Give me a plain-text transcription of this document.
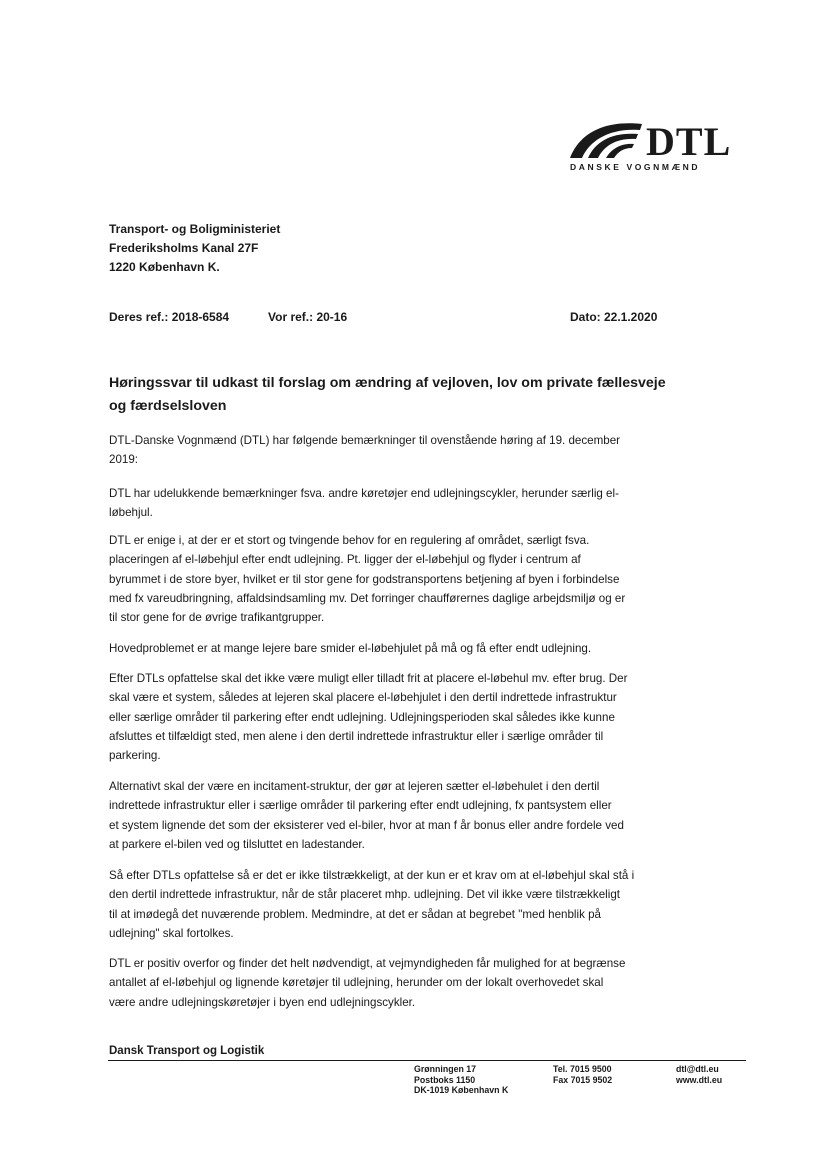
DTL
DANSKE VOGNMÆND
Transport- og Boligministeriet
Frederiksholms Kanal 27F
1220 København K.
Deres ref.: 2018-6584	Vor ref.: 20-16	Dato: 22.1.2020
Høringssvar til udkast til forslag om ændring af vejloven, lov om private fællesveje
og færdselsloven
DTL-Danske Vognmænd (DTL) har følgende bemærkninger til ovenstående høring af 19. december
2019:
DTL har udelukkende bemærkninger fsva. andre køretøjer end udlejningscykler, herunder særlig el-
løbehjul.
DTL er enige i, at der er et stort og tvingende behov for en regulering af området, særligt fsva.
placeringen af el-løbehjul efter endt udlejning. Pt. ligger der el-løbehjul og flyder i centrum af
byrummet i de store byer, hvilket er til stor gene for godstransportens betjening af byen i forbindelse
med fx vareudbringning, affaldsindsamling mv. Det forringer chaufførernes daglige arbejdsmiljø og er
til stor gene for de øvrige trafikantgrupper.
Hovedproblemet er at mange lejere bare smider el-løbehjulet på må og få efter endt udlejning.
Efter DTLs opfattelse skal det ikke være muligt eller tilladt frit at placere el-løbehul mv. efter brug. Der
skal være et system, således at lejeren skal placere el-løbehjulet i den dertil indrettede infrastruktur
eller særlige områder til parkering efter endt udlejning. Udlejningsperioden skal således ikke kunne
afsluttes et tilfældigt sted, men alene i den dertil indrettede infrastruktur eller i særlige områder til
parkering.
Alternativt skal der være en incitament-struktur, der gør at lejeren sætter el-løbehulet i den dertil
indrettede infrastruktur eller i særlige områder til parkering efter endt udlejning, fx pantsystem eller
et system lignende det som der eksisterer ved el-biler, hvor at man f år bonus eller andre fordele ved
at parkere el-bilen ved og tilsluttet en ladestander.
Så efter DTLs opfattelse så er det er ikke tilstrækkeligt, at der kun er et krav om at el-løbehjul skal stå i
den dertil indrettede infrastruktur, når de står placeret mhp. udlejning. Det vil ikke være tilstrækkeligt
til at imødegå det nuværende problem. Medmindre, at det er sådan at begrebet "med henblik på
udlejning" skal fortolkes.
DTL er positiv overfor og finder det helt nødvendigt, at vejmyndigheden får mulighed for at begrænse
antallet af el-løbehjul og lignende køretøjer til udlejning, herunder om der lokalt overhovedet skal
være andre udlejningskøretøjer i byen end udlejningscykler.
Dansk Transport og Logistik
Grønningen 17
Postboks 1150
DK-1019 København K
Tel. 7015 9500
Fax 7015 9502
dtl@dtl.eu
www.dtl.eu
